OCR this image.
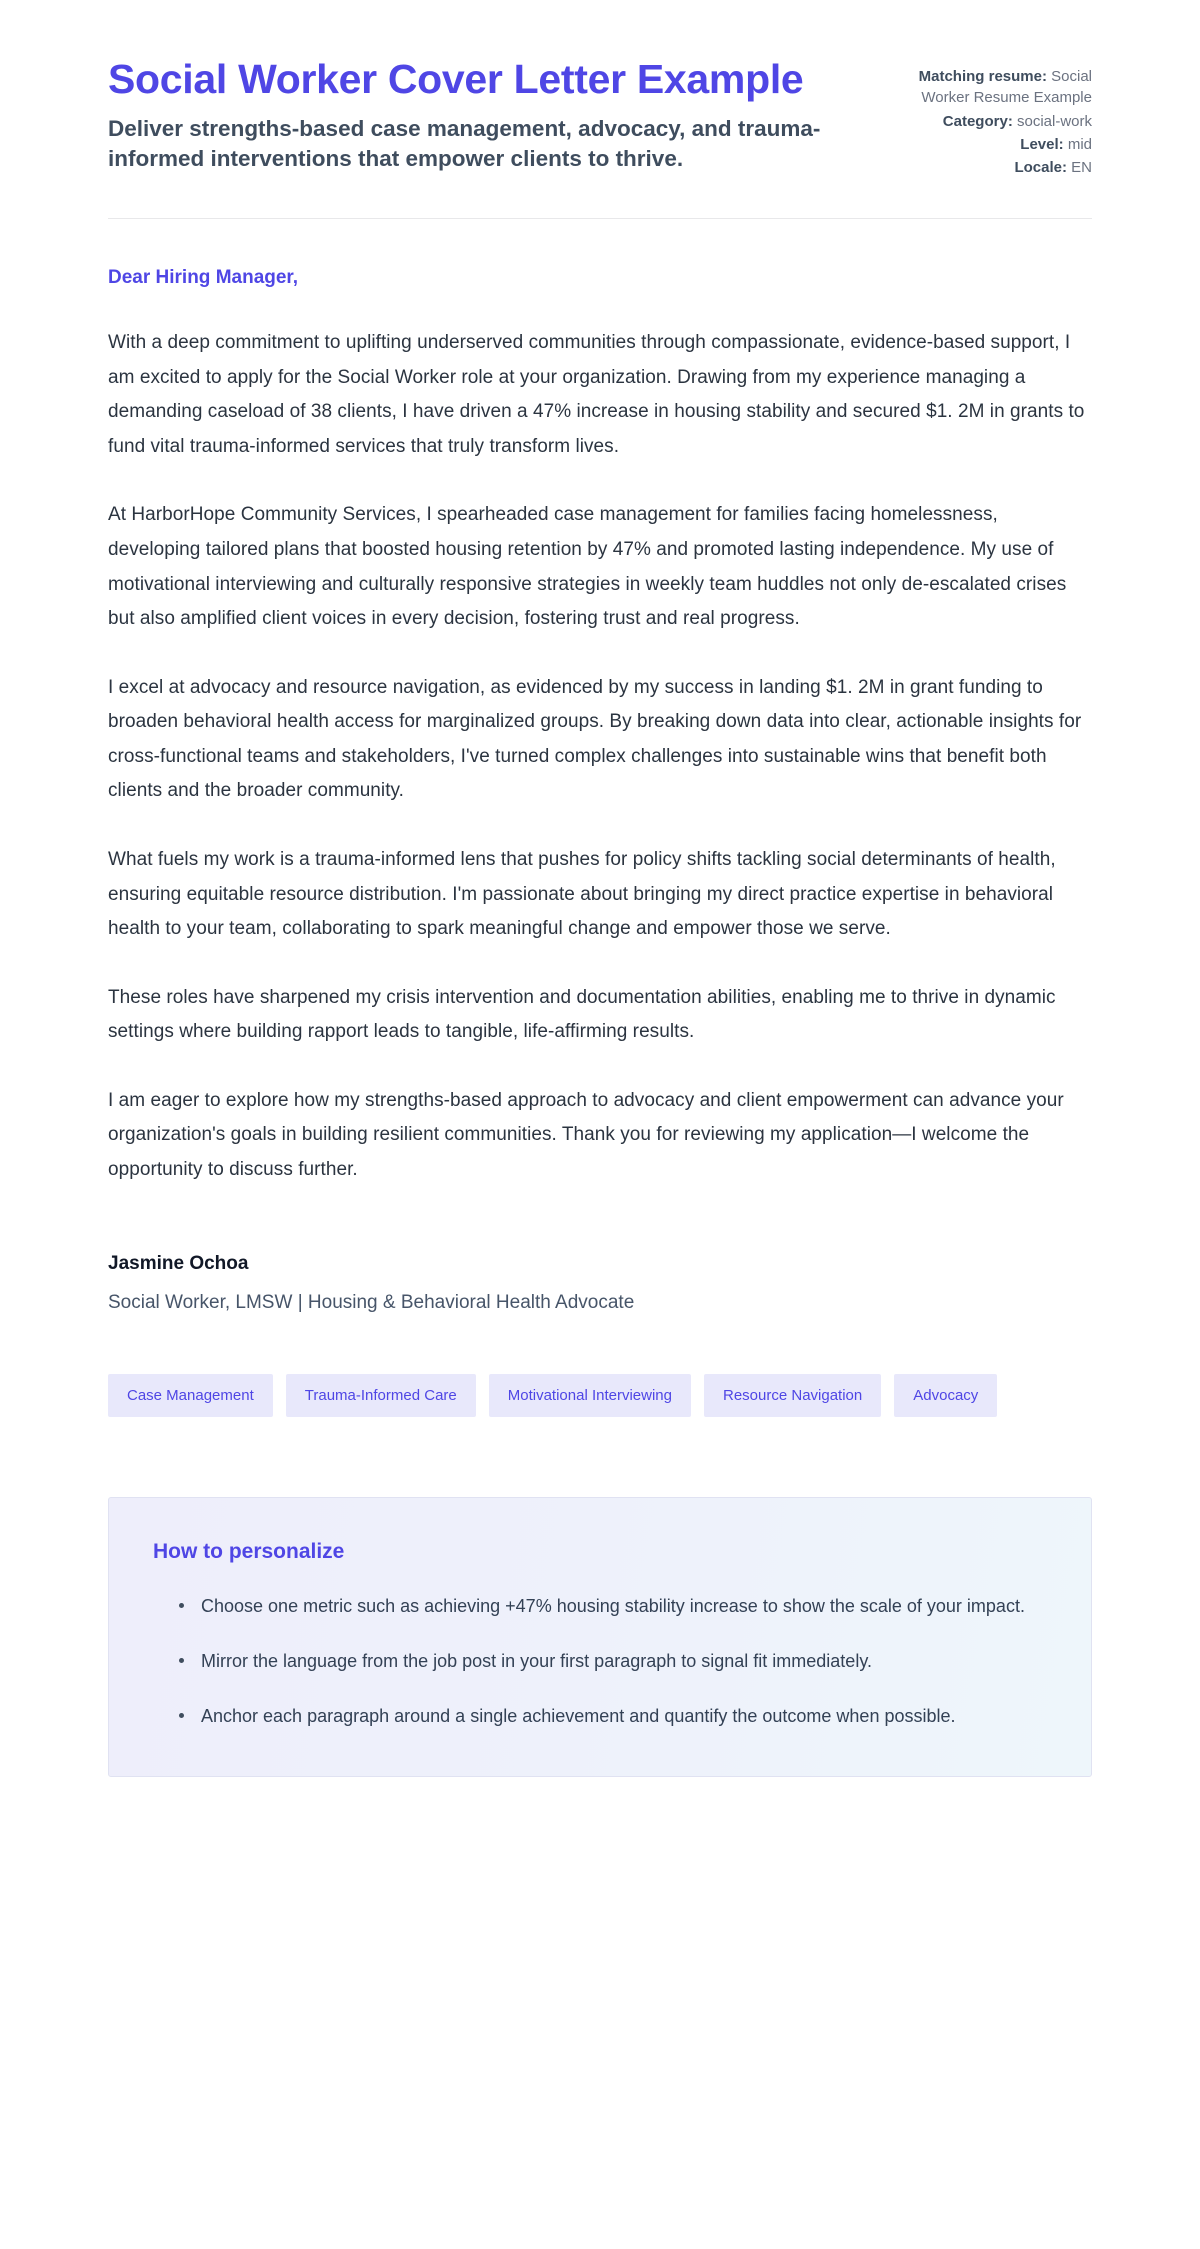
Social Worker Cover Letter Example

Deliver strengths-based case management, advocacy, and trauma-informed interventions that empower clients to thrive.

Matching resume: Social Worker Resume Example
Category: social-work
Level: mid
Locale: EN

Dear Hiring Manager,

With a deep commitment to uplifting underserved communities through compassionate, evidence-based support, I am excited to apply for the Social Worker role at your organization. Drawing from my experience managing a demanding caseload of 38 clients, I have driven a 47% increase in housing stability and secured $1. 2M in grants to fund vital trauma-informed services that truly transform lives.

At HarborHope Community Services, I spearheaded case management for families facing homelessness, developing tailored plans that boosted housing retention by 47% and promoted lasting independence. My use of motivational interviewing and culturally responsive strategies in weekly team huddles not only de-escalated crises but also amplified client voices in every decision, fostering trust and real progress.

I excel at advocacy and resource navigation, as evidenced by my success in landing $1. 2M in grant funding to broaden behavioral health access for marginalized groups. By breaking down data into clear, actionable insights for cross-functional teams and stakeholders, I've turned complex challenges into sustainable wins that benefit both clients and the broader community.

What fuels my work is a trauma-informed lens that pushes for policy shifts tackling social determinants of health, ensuring equitable resource distribution. I'm passionate about bringing my direct practice expertise in behavioral health to your team, collaborating to spark meaningful change and empower those we serve.

These roles have sharpened my crisis intervention and documentation abilities, enabling me to thrive in dynamic settings where building rapport leads to tangible, life-affirming results.

I am eager to explore how my strengths-based approach to advocacy and client empowerment can advance your organization's goals in building resilient communities. Thank you for reviewing my application—I welcome the opportunity to discuss further.

Jasmine Ochoa

Social Worker, LMSW | Housing & Behavioral Health Advocate

Case Management	Trauma-Informed Care	Motivational Interviewing	Resource Navigation	Advocacy

How to personalize

Choose one metric such as achieving +47% housing stability increase to show the scale of your impact.
Mirror the language from the job post in your first paragraph to signal fit immediately.
Anchor each paragraph around a single achievement and quantify the outcome when possible.
